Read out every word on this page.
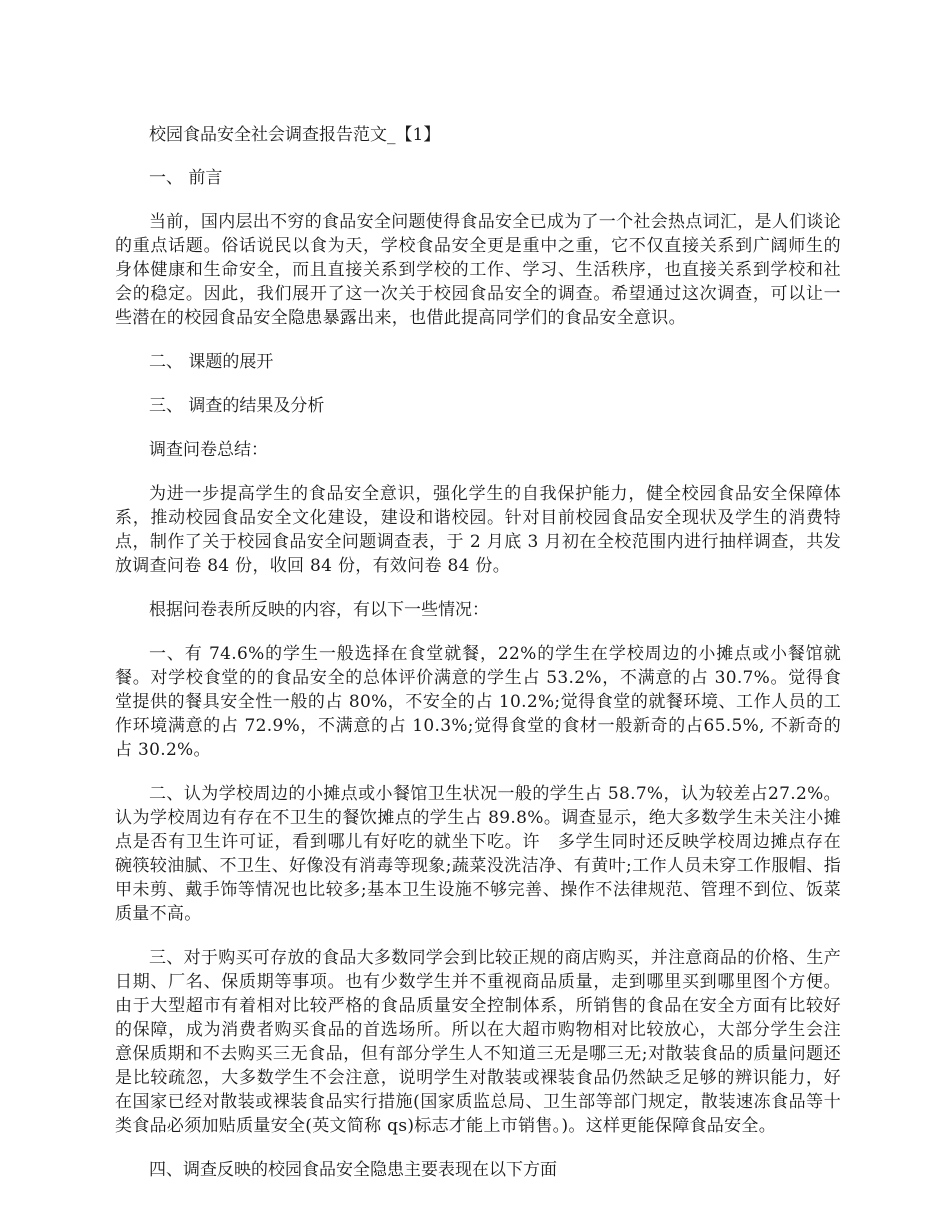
校园食品安全社会调查报告范文_【1】

一、 前言

当前，国内层出不穷的食品安全问题使得食品安全已成为了一个社会热点词汇，是人们谈论的重点话题。俗话说民以食为天，学校食品安全更是重中之重，它不仅直接关系到广阔师生的身体健康和生命安全，而且直接关系到学校的工作、学习、生活秩序，也直接关系到学校和社会的稳定。因此，我们展开了这一次关于校园食品安全的调查。希望通过这次调查，可以让一些潜在的校园食品安全隐患暴露出来，也借此提高同学们的食品安全意识。

二、 课题的展开

三、 调查的结果及分析

调查问卷总结：

为进一步提高学生的食品安全意识，强化学生的自我保护能力，健全校园食品安全保障体系，推动校园食品安全文化建设，建设和谐校园。针对目前校园食品安全现状及学生的消费特点，制作了关于校园食品安全问题调查表，于 2 月底 3 月初在全校范围内进行抽样调查，共发放调查问卷 84 份，收回 84 份，有效问卷 84 份。

根据问卷表所反映的内容，有以下一些情况：

一、有 74.6%的学生一般选择在食堂就餐，22%的学生在学校周边的小摊点或小餐馆就餐。对学校食堂的的食品安全的总体评价满意的学生占 53.2%，不满意的占 30.7%。觉得食堂提供的餐具安全性一般的占 80%，不安全的占 10.2%;觉得食堂的就餐环境、工作人员的工作环境满意的占 72.9%，不满意的占 10.3%;觉得食堂的食材一般新奇的占65.5%, 不新奇的占 30.2%。

二、认为学校周边的小摊点或小餐馆卫生状况一般的学生占 58.7%，认为较差占27.2%。认为学校周边有存在不卫生的餐饮摊点的学生占 89.8%。调查显示，绝大多数学生未关注小摊点是否有卫生许可证，看到哪儿有好吃的就坐下吃。许　多学生同时还反映学校周边摊点存在碗筷较油腻、不卫生、好像没有消毒等现象;蔬菜没洗洁净、有黄叶;工作人员未穿工作服帽、指甲未剪、戴手饰等情况也比较多;基本卫生设施不够完善、操作不法律规范、管理不到位、饭菜质量不高。

三、对于购买可存放的食品大多数同学会到比较正规的商店购买，并注意商品的价格、生产日期、厂名、保质期等事项。也有少数学生并不重视商品质量，走到哪里买到哪里图个方便。由于大型超市有着相对比较严格的食品质量安全控制体系，所销售的食品在安全方面有比较好的保障，成为消费者购买食品的首选场所。所以在大超市购物相对比较放心，大部分学生会注意保质期和不去购买三无食品，但有部分学生人不知道三无是哪三无;对散装食品的质量问题还是比较疏忽，大多数学生不会注意，说明学生对散装或裸装食品仍然缺乏足够的辨识能力，好在国家已经对散装或裸装食品实行措施(国家质监总局、卫生部等部门规定，散装速冻食品等十类食品必须加贴质量安全(英文简称 qs)标志才能上市销售。)。这样更能保障食品安全。

四、调查反映的校园食品安全隐患主要表现在以下方面
